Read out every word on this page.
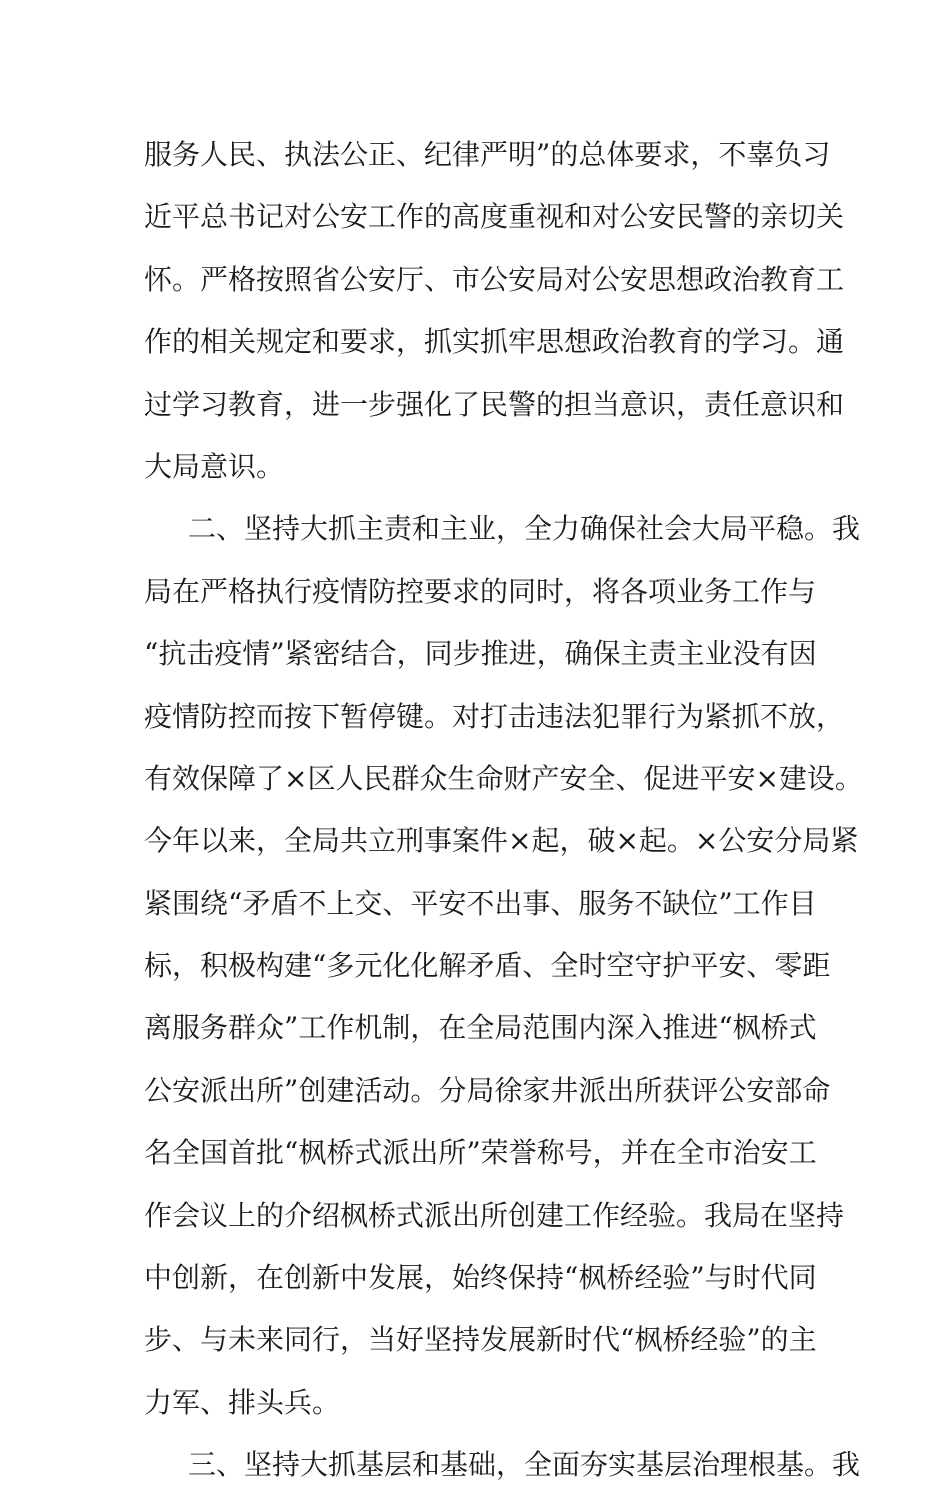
服务人民、执法公正、纪律严明”的总体要求，不辜负习
近平总书记对公安工作的高度重视和对公安民警的亲切关
怀。严格按照省公安厅、市公安局对公安思想政治教育工
作的相关规定和要求，抓实抓牢思想政治教育的学习。通
过学习教育，进一步强化了民警的担当意识，责任意识和
大局意识。
二、坚持大抓主责和主业，全力确保社会大局平稳。我
局在严格执行疫情防控要求的同时，将各项业务工作与
“抗击疫情”紧密结合，同步推进，确保主责主业没有因
疫情防控而按下暂停键。对打击违法犯罪行为紧抓不放，
有效保障了×区人民群众生命财产安全、促进平安×建设。
今年以来，全局共立刑事案件×起，破×起。×公安分局紧
紧围绕“矛盾不上交、平安不出事、服务不缺位”工作目
标，积极构建“多元化化解矛盾、全时空守护平安、零距
离服务群众”工作机制，在全局范围内深入推进“枫桥式
公安派出所”创建活动。分局徐家井派出所获评公安部命
名全国首批“枫桥式派出所”荣誉称号，并在全市治安工
作会议上的介绍枫桥式派出所创建工作经验。我局在坚持
中创新，在创新中发展，始终保持“枫桥经验”与时代同
步、与未来同行，当好坚持发展新时代“枫桥经验”的主
力军、排头兵。
三、坚持大抓基层和基础，全面夯实基层治理根基。我
